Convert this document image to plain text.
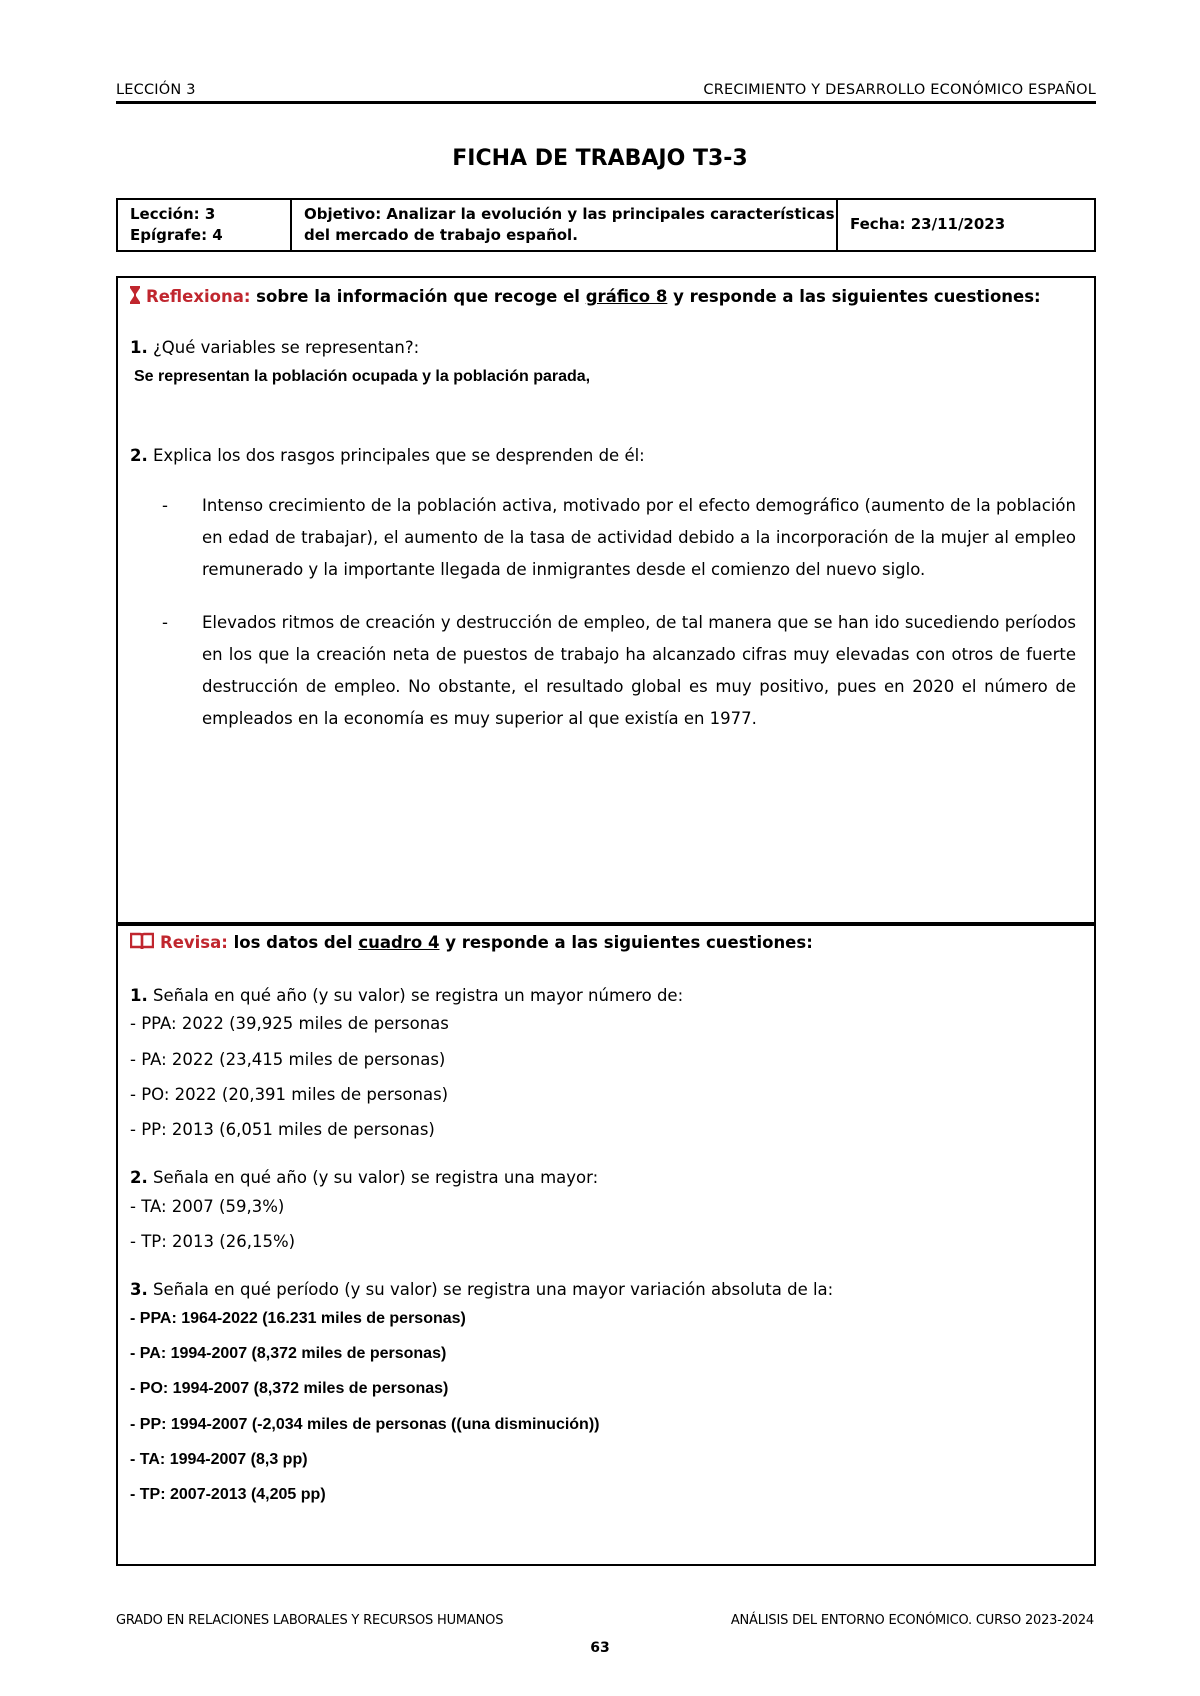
LECCIÓN 3	CRECIMIENTO Y DESARROLLO ECONÓMICO ESPAÑOL
FICHA DE TRABAJO T3-3
Lección: 3
Epígrafe: 4
Objetivo: Analizar la evolución y las principales características
del mercado de trabajo español.
Fecha: 23/11/2023
Reflexiona: sobre la información que recoge el gráfico 8 y responde a las siguientes cuestiones:
1. ¿Qué variables se representan?:
Se representan la población ocupada y la población parada,
2. Explica los dos rasgos principales que se desprenden de él:
- Intenso crecimiento de la población activa, motivado por el efecto demográfico (aumento de la población en edad de trabajar), el aumento de la tasa de actividad debido a la incorporación de la mujer al empleo remunerado y la importante llegada de inmigrantes desde el comienzo del nuevo siglo.
- Elevados ritmos de creación y destrucción de empleo, de tal manera que se han ido sucediendo períodos en los que la creación neta de puestos de trabajo ha alcanzado cifras muy elevadas con otros de fuerte destrucción de empleo. No obstante, el resultado global es muy positivo, pues en 2020 el número de empleados en la economía es muy superior al que existía en 1977.
Revisa: los datos del cuadro 4 y responde a las siguientes cuestiones:
1. Señala en qué año (y su valor) se registra un mayor número de:
- PPA: 2022 (39,925 miles de personas
- PA: 2022 (23,415 miles de personas)
- PO: 2022 (20,391 miles de personas)
- PP: 2013 (6,051 miles de personas)
2. Señala en qué año (y su valor) se registra una mayor:
- TA: 2007 (59,3%)
- TP: 2013 (26,15%)
3. Señala en qué período (y su valor) se registra una mayor variación absoluta de la:
- PPA: 1964-2022 (16.231 miles de personas)
- PA: 1994-2007 (8,372 miles de personas)
- PO: 1994-2007 (8,372 miles de personas)
- PP: 1994-2007 (-2,034 miles de personas ((una disminución))
- TA: 1994-2007 (8,3 pp)
- TP: 2007-2013 (4,205 pp)
GRADO EN RELACIONES LABORALES Y RECURSOS HUMANOS	ANÁLISIS DEL ENTORNO ECONÓMICO. CURSO 2023-2024
63
